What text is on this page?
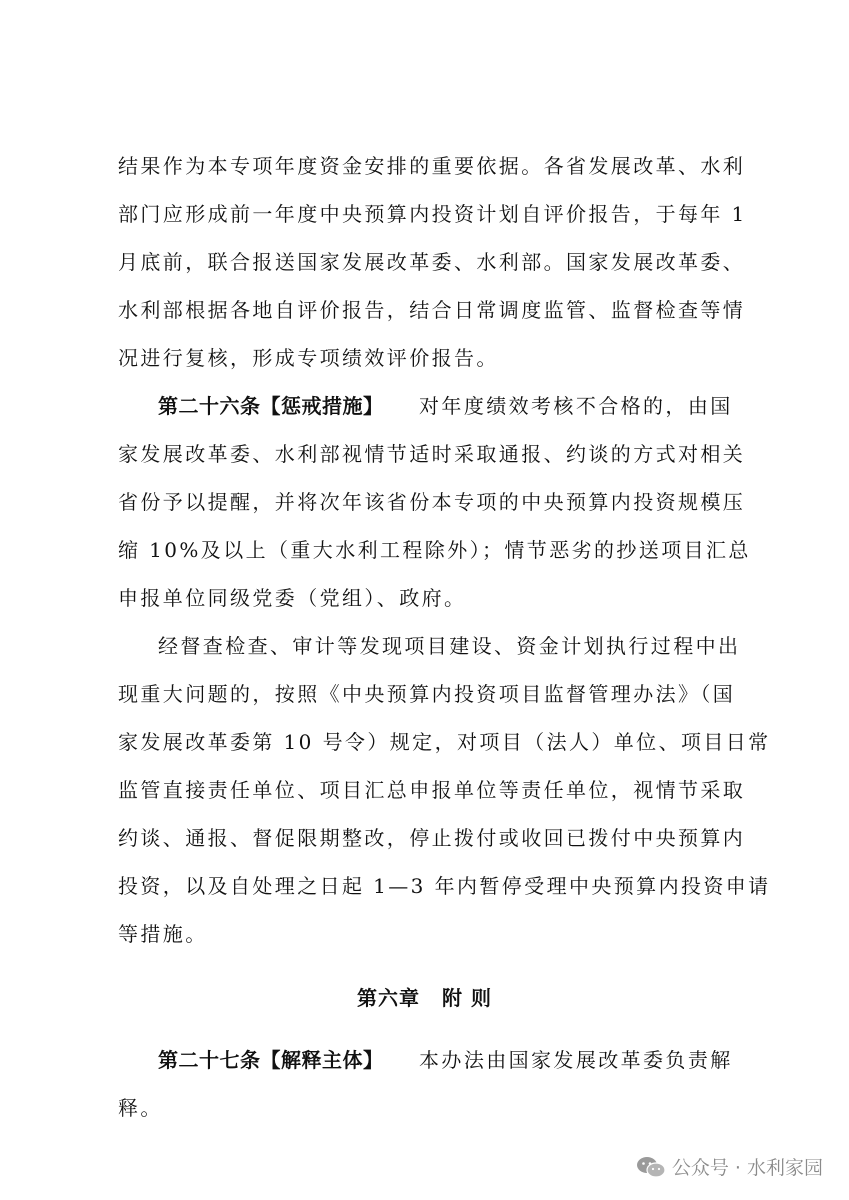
结果作为本专项年度资金安排的重要依据。各省发展改革、水利
部门应形成前一年度中央预算内投资计划自评价报告，于每年 1
月底前，联合报送国家发展改革委、水利部。国家发展改革委、
水利部根据各地自评价报告，结合日常调度监管、监督检查等情
况进行复核，形成专项绩效评价报告。
第二十六条【惩戒措施】 对年度绩效考核不合格的，由国
家发展改革委、水利部视情节适时采取通报、约谈的方式对相关
省份予以提醒，并将次年该省份本专项的中央预算内投资规模压
缩 10%及以上（重大水利工程除外）；情节恶劣的抄送项目汇总
申报单位同级党委（党组）、政府。
经督查检查、审计等发现项目建设、资金计划执行过程中出
现重大问题的，按照《中央预算内投资项目监督管理办法》（国
家发展改革委第 10 号令）规定，对项目（法人）单位、项目日常
监管直接责任单位、项目汇总申报单位等责任单位，视情节采取
约谈、通报、督促限期整改，停止拨付或收回已拨付中央预算内
投资，以及自处理之日起 1—3 年内暂停受理中央预算内投资申请
等措施。
第六章 附 则
第二十七条【解释主体】 本办法由国家发展改革委负责解
释。
公众号 · 水利家园
